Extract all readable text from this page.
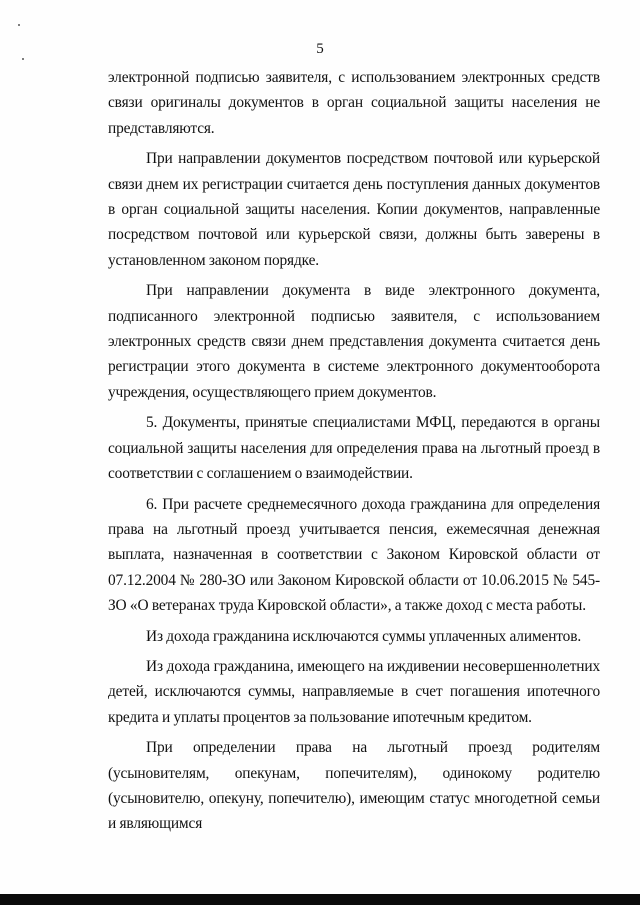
5

электронной подписью заявителя, с использованием электронных средств связи оригиналы документов в орган социальной защиты населения не представляются.

При направлении документов посредством почтовой или курьерской связи днем их регистрации считается день поступления данных документов в орган социальной защиты населения. Копии документов, направленные посредством почтовой или курьерской связи, должны быть заверены в установленном законом порядке.

При направлении документа в виде электронного документа, подписанного электронной подписью заявителя, с использованием электронных средств связи днем представления документа считается день регистрации этого документа в системе электронного документооборота учреждения, осуществляющего прием документов.

5. Документы, принятые специалистами МФЦ, передаются в органы социальной защиты населения для определения права на льготный проезд в соответствии с соглашением о взаимодействии.

6. При расчете среднемесячного дохода гражданина для определения права на льготный проезд учитывается пенсия, ежемесячная денежная выплата, назначенная в соответствии с Законом Кировской области от 07.12.2004 № 280-ЗО или Законом Кировской области от 10.06.2015 № 545-ЗО «О ветеранах труда Кировской области», а также доход с места работы.

Из дохода гражданина исключаются суммы уплаченных алиментов.

Из дохода гражданина, имеющего на иждивении несовершеннолетних детей, исключаются суммы, направляемые в счет погашения ипотечного кредита и уплаты процентов за пользование ипотечным кредитом.

При определении права на льготный проезд родителям (усыновителям, опекунам, попечителям), одинокому родителю (усыновителю, опекуну, попечителю), имеющим статус многодетной семьи и являющимся
